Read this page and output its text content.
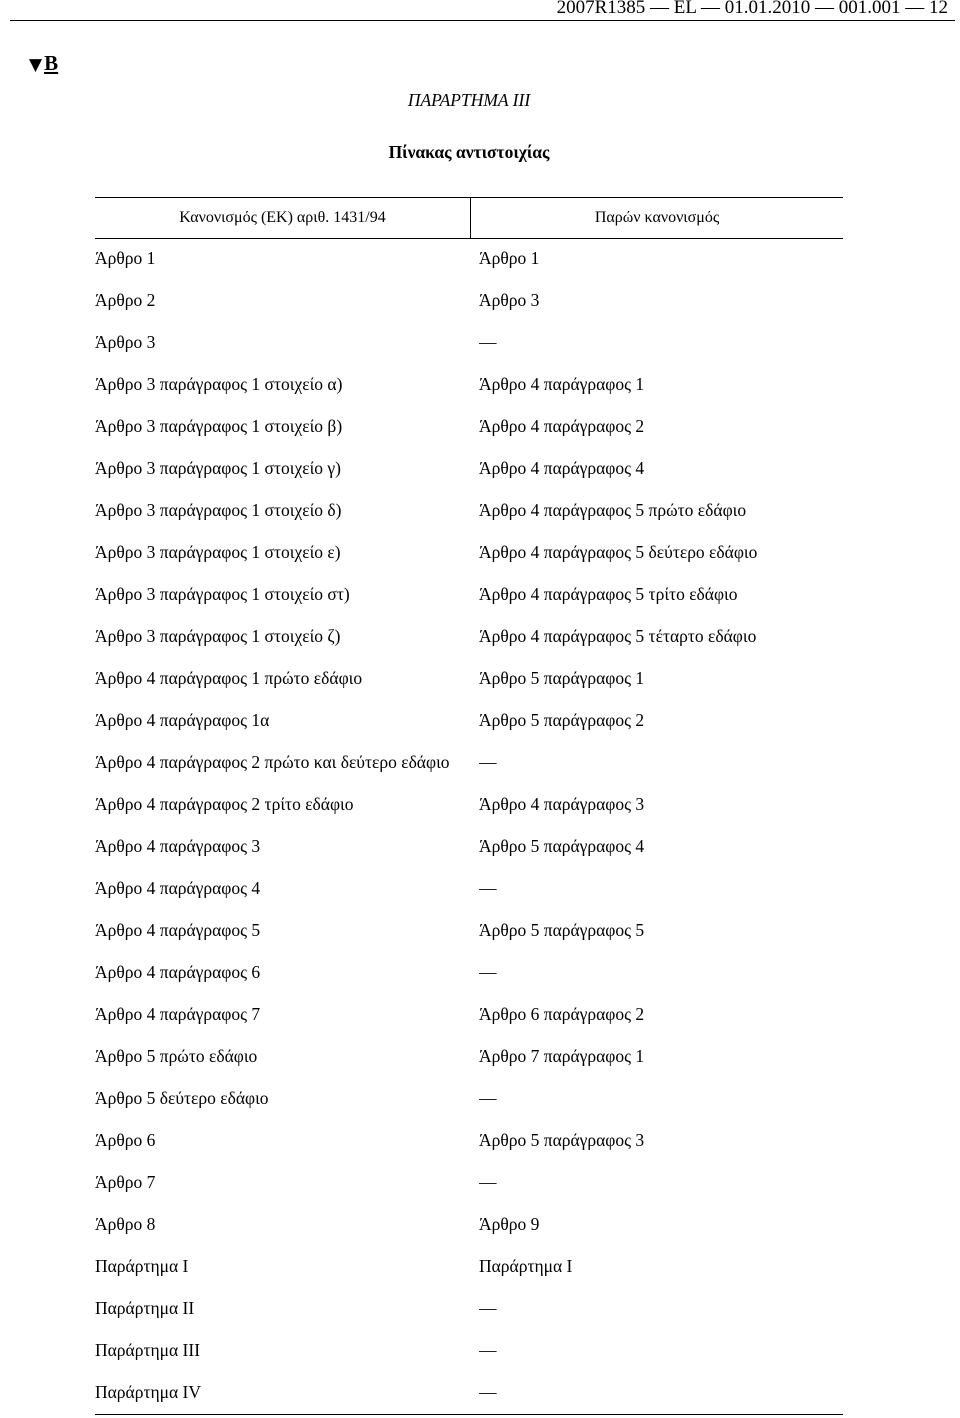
2007R1385 — EL — 01.01.2010 — 001.001 — 12
▼B
ΠΑΡΑΡΤΗΜΑ III
Πίνακας αντιστοιχίας
Κανονισμός (ΕΚ) αριθ. 1431/94	Παρών κανονισμός
Άρθρο 1	Άρθρο 1
Άρθρο 2	Άρθρο 3
Άρθρο 3	—
Άρθρο 3 παράγραφος 1 στοιχείο α)	Άρθρο 4 παράγραφος 1
Άρθρο 3 παράγραφος 1 στοιχείο β)	Άρθρο 4 παράγραφος 2
Άρθρο 3 παράγραφος 1 στοιχείο γ)	Άρθρο 4 παράγραφος 4
Άρθρο 3 παράγραφος 1 στοιχείο δ)	Άρθρο 4 παράγραφος 5 πρώτο εδάφιο
Άρθρο 3 παράγραφος 1 στοιχείο ε)	Άρθρο 4 παράγραφος 5 δεύτερο εδάφιο
Άρθρο 3 παράγραφος 1 στοιχείο στ)	Άρθρο 4 παράγραφος 5 τρίτο εδάφιο
Άρθρο 3 παράγραφος 1 στοιχείο ζ)	Άρθρο 4 παράγραφος 5 τέταρτο εδάφιο
Άρθρο 4 παράγραφος 1 πρώτο εδάφιο	Άρθρο 5 παράγραφος 1
Άρθρο 4 παράγραφος 1α	Άρθρο 5 παράγραφος 2
Άρθρο 4 παράγραφος 2 πρώτο και δεύτερο εδάφιο	—
Άρθρο 4 παράγραφος 2 τρίτο εδάφιο	Άρθρο 4 παράγραφος 3
Άρθρο 4 παράγραφος 3	Άρθρο 5 παράγραφος 4
Άρθρο 4 παράγραφος 4	—
Άρθρο 4 παράγραφος 5	Άρθρο 5 παράγραφος 5
Άρθρο 4 παράγραφος 6	—
Άρθρο 4 παράγραφος 7	Άρθρο 6 παράγραφος 2
Άρθρο 5 πρώτο εδάφιο	Άρθρο 7 παράγραφος 1
Άρθρο 5 δεύτερο εδάφιο	—
Άρθρο 6	Άρθρο 5 παράγραφος 3
Άρθρο 7	—
Άρθρο 8	Άρθρο 9
Παράρτημα I	Παράρτημα I
Παράρτημα II	—
Παράρτημα III	—
Παράρτημα IV	—
